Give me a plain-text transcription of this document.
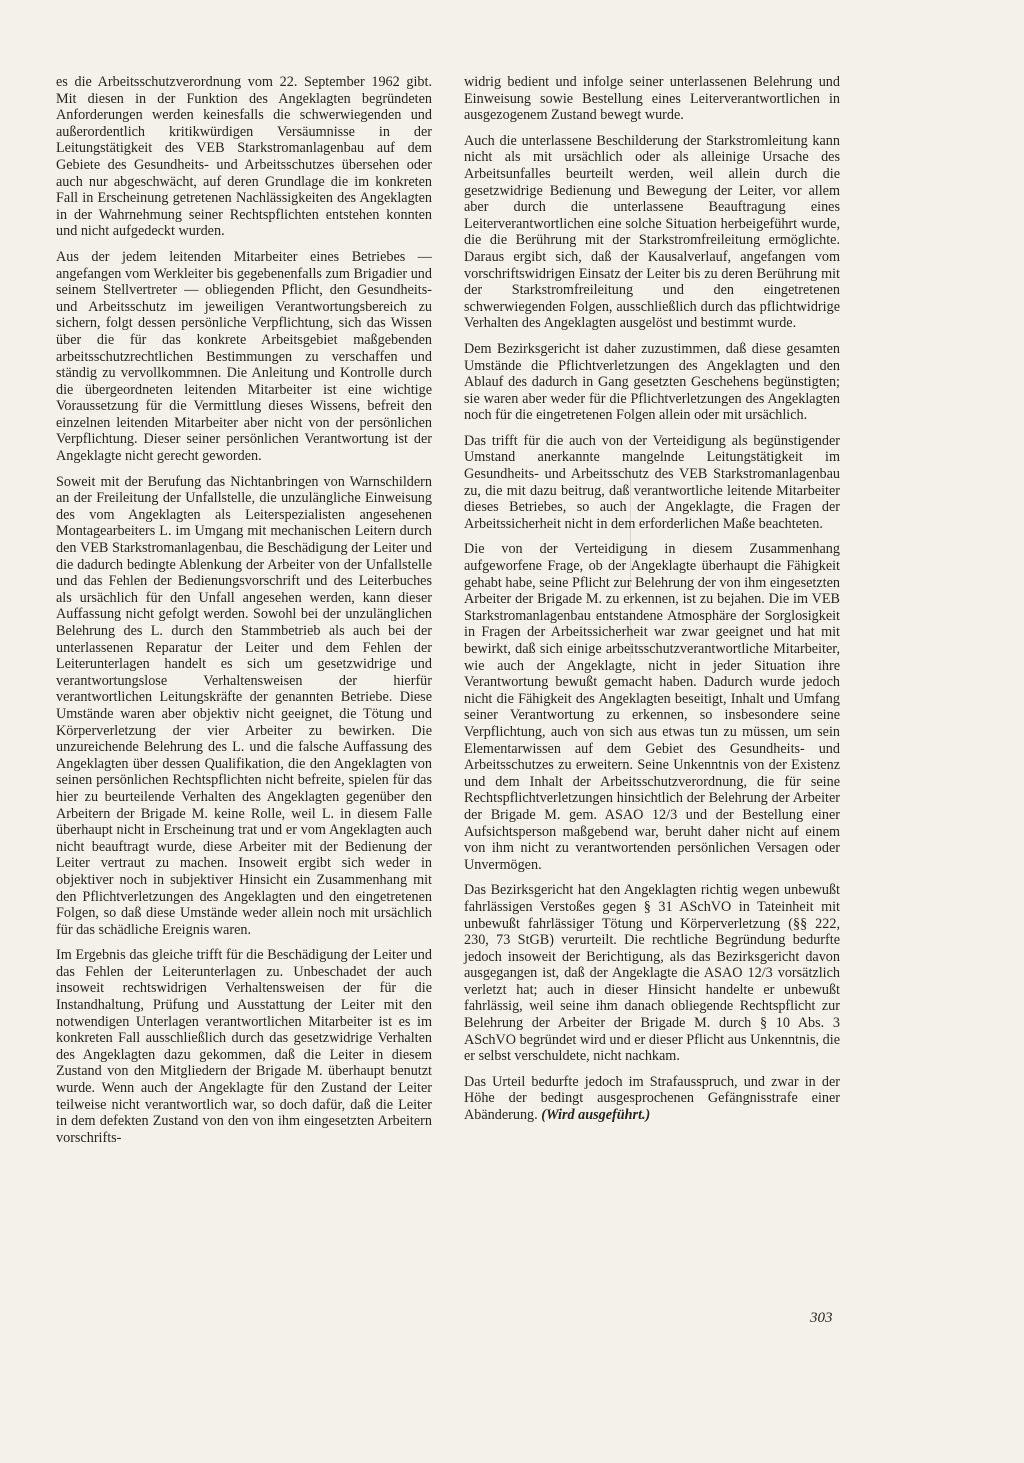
es die Arbeitsschutzverordnung vom 22. September 1962 gibt. Mit diesen in der Funktion des Angeklagten begründeten Anforderungen werden keinesfalls die schwerwiegenden und außerordentlich kritikwürdigen Versäumnisse in der Leitungstätigkeit des VEB Starkstromanlagenbau auf dem Gebiete des Gesundheits- und Arbeitsschutzes übersehen oder auch nur abgeschwächt, auf deren Grundlage die im konkreten Fall in Erscheinung getretenen Nachlässigkeiten des Angeklagten in der Wahrnehmung seiner Rechtspflichten entstehen konnten und nicht aufgedeckt wurden.

Aus der jedem leitenden Mitarbeiter eines Betriebes — angefangen vom Werkleiter bis gegebenenfalls zum Brigadier und seinem Stellvertreter — obliegenden Pflicht, den Gesundheits- und Arbeitsschutz im jeweiligen Verantwortungsbereich zu sichern, folgt dessen persönliche Verpflichtung, sich das Wissen über die für das konkrete Arbeitsgebiet maßgebenden arbeitsschutzrechtlichen Bestimmungen zu verschaffen und ständig zu vervollkommnen. Die Anleitung und Kontrolle durch die übergeordneten leitenden Mitarbeiter ist eine wichtige Voraussetzung für die Vermittlung dieses Wissens, befreit den einzelnen leitenden Mitarbeiter aber nicht von der persönlichen Verpflichtung. Dieser seiner persönlichen Verantwortung ist der Angeklagte nicht gerecht geworden.

Soweit mit der Berufung das Nichtanbringen von Warnschildern an der Freileitung der Unfallstelle, die unzulängliche Einweisung des vom Angeklagten als Leiterspezialisten angesehenen Montagearbeiters L. im Umgang mit mechanischen Leitern durch den VEB Starkstromanlagenbau, die Beschädigung der Leiter und die dadurch bedingte Ablenkung der Arbeiter von der Unfallstelle und das Fehlen der Bedienungsvorschrift und des Leiterbuches als ursächlich für den Unfall angesehen werden, kann dieser Auffassung nicht gefolgt werden. Sowohl bei der unzulänglichen Belehrung des L. durch den Stammbetrieb als auch bei der unterlassenen Reparatur der Leiter und dem Fehlen der Leiterunterlagen handelt es sich um gesetzwidrige und verantwortungslose Verhaltensweisen der hierfür verantwortlichen Leitungskräfte der genannten Betriebe. Diese Umstände waren aber objektiv nicht geeignet, die Tötung und Körperverletzung der vier Arbeiter zu bewirken. Die unzureichende Belehrung des L. und die falsche Auffassung des Angeklagten über dessen Qualifikation, die den Angeklagten von seinen persönlichen Rechtspflichten nicht befreite, spielen für das hier zu beurteilende Verhalten des Angeklagten gegenüber den Arbeitern der Brigade M. keine Rolle, weil L. in diesem Falle überhaupt nicht in Erscheinung trat und er vom Angeklagten auch nicht beauftragt wurde, diese Arbeiter mit der Bedienung der Leiter vertraut zu machen. Insoweit ergibt sich weder in objektiver noch in subjektiver Hinsicht ein Zusammenhang mit den Pflichtverletzungen des Angeklagten und den eingetretenen Folgen, so daß diese Umstände weder allein noch mit ursächlich für das schädliche Ereignis waren.

Im Ergebnis das gleiche trifft für die Beschädigung der Leiter und das Fehlen der Leiterunterlagen zu. Unbeschadet der auch insoweit rechtswidrigen Verhaltensweisen der für die Instandhaltung, Prüfung und Ausstattung der Leiter mit den notwendigen Unterlagen verantwortlichen Mitarbeiter ist es im konkreten Fall ausschließlich durch das gesetzwidrige Verhalten des Angeklagten dazu gekommen, daß die Leiter in diesem Zustand von den Mitgliedern der Brigade M. überhaupt benutzt wurde. Wenn auch der Angeklagte für den Zustand der Leiter teilweise nicht verantwortlich war, so doch dafür, daß die Leiter in dem defekten Zustand von den von ihm eingesetzten Arbeitern vorschrifts-

widrig bedient und infolge seiner unterlassenen Belehrung und Einweisung sowie Bestellung eines Leiterverantwortlichen in ausgezogenem Zustand bewegt wurde.

Auch die unterlassene Beschilderung der Starkstromleitung kann nicht als mit ursächlich oder als alleinige Ursache des Arbeitsunfalles beurteilt werden, weil allein durch die gesetzwidrige Bedienung und Bewegung der Leiter, vor allem aber durch die unterlassene Beauftragung eines Leiterverantwortlichen eine solche Situation herbeigeführt wurde, die die Berührung mit der Starkstromfreileitung ermöglichte. Daraus ergibt sich, daß der Kausalverlauf, angefangen vom vorschriftswidrigen Einsatz der Leiter bis zu deren Berührung mit der Starkstromfreileitung und den eingetretenen schwerwiegenden Folgen, ausschließlich durch das pflichtwidrige Verhalten des Angeklagten ausgelöst und bestimmt wurde.

Dem Bezirksgericht ist daher zuzustimmen, daß diese gesamten Umstände die Pflichtverletzungen des Angeklagten und den Ablauf des dadurch in Gang gesetzten Geschehens begünstigten; sie waren aber weder für die Pflichtverletzungen des Angeklagten noch für die eingetretenen Folgen allein oder mit ursächlich.

Das trifft für die auch von der Verteidigung als begünstigender Umstand anerkannte mangelnde Leitungstätigkeit im Gesundheits- und Arbeitsschutz des VEB Starkstromanlagenbau zu, die mit dazu beitrug, daß verantwortliche leitende Mitarbeiter dieses Betriebes, so auch der Angeklagte, die Fragen der Arbeitssicherheit nicht in dem erforderlichen Maße beachteten.

Die von der Verteidigung in diesem Zusammenhang aufgeworfene Frage, ob der Angeklagte überhaupt die Fähigkeit gehabt habe, seine Pflicht zur Belehrung der von ihm eingesetzten Arbeiter der Brigade M. zu erkennen, ist zu bejahen. Die im VEB Starkstromanlagenbau entstandene Atmosphäre der Sorglosigkeit in Fragen der Arbeitssicherheit war zwar geeignet und hat mit bewirkt, daß sich einige arbeitsschutzverantwortliche Mitarbeiter, wie auch der Angeklagte, nicht in jeder Situation ihre Verantwortung bewußt gemacht haben. Dadurch wurde jedoch nicht die Fähigkeit des Angeklagten beseitigt, Inhalt und Umfang seiner Verantwortung zu erkennen, so insbesondere seine Verpflichtung, auch von sich aus etwas tun zu müssen, um sein Elementarwissen auf dem Gebiet des Gesundheits- und Arbeitsschutzes zu erweitern. Seine Unkenntnis von der Existenz und dem Inhalt der Arbeitsschutzverordnung, die für seine Rechtspflichtverletzungen hinsichtlich der Belehrung der Arbeiter der Brigade M. gem. ASAO 12/3 und der Bestellung einer Aufsichtsperson maßgebend war, beruht daher nicht auf einem von ihm nicht zu verantwortenden persönlichen Versagen oder Unvermögen.

Das Bezirksgericht hat den Angeklagten richtig wegen unbewußt fahrlässigen Verstoßes gegen § 31 ASchVO in Tateinheit mit unbewußt fahrlässiger Tötung und Körperverletzung (§§ 222, 230, 73 StGB) verurteilt. Die rechtliche Begründung bedurfte jedoch insoweit der Berichtigung, als das Bezirksgericht davon ausgegangen ist, daß der Angeklagte die ASAO 12/3 vorsätzlich verletzt hat; auch in dieser Hinsicht handelte er unbewußt fahrlässig, weil seine ihm danach obliegende Rechtspflicht zur Belehrung der Arbeiter der Brigade M. durch § 10 Abs. 3 ASchVO begründet wird und er dieser Pflicht aus Unkenntnis, die er selbst verschuldete, nicht nachkam.

Das Urteil bedurfte jedoch im Strafausspruch, und zwar in der Höhe der bedingt ausgesprochenen Gefängnisstrafe einer Abänderung. (Wird ausgeführt.)

303
